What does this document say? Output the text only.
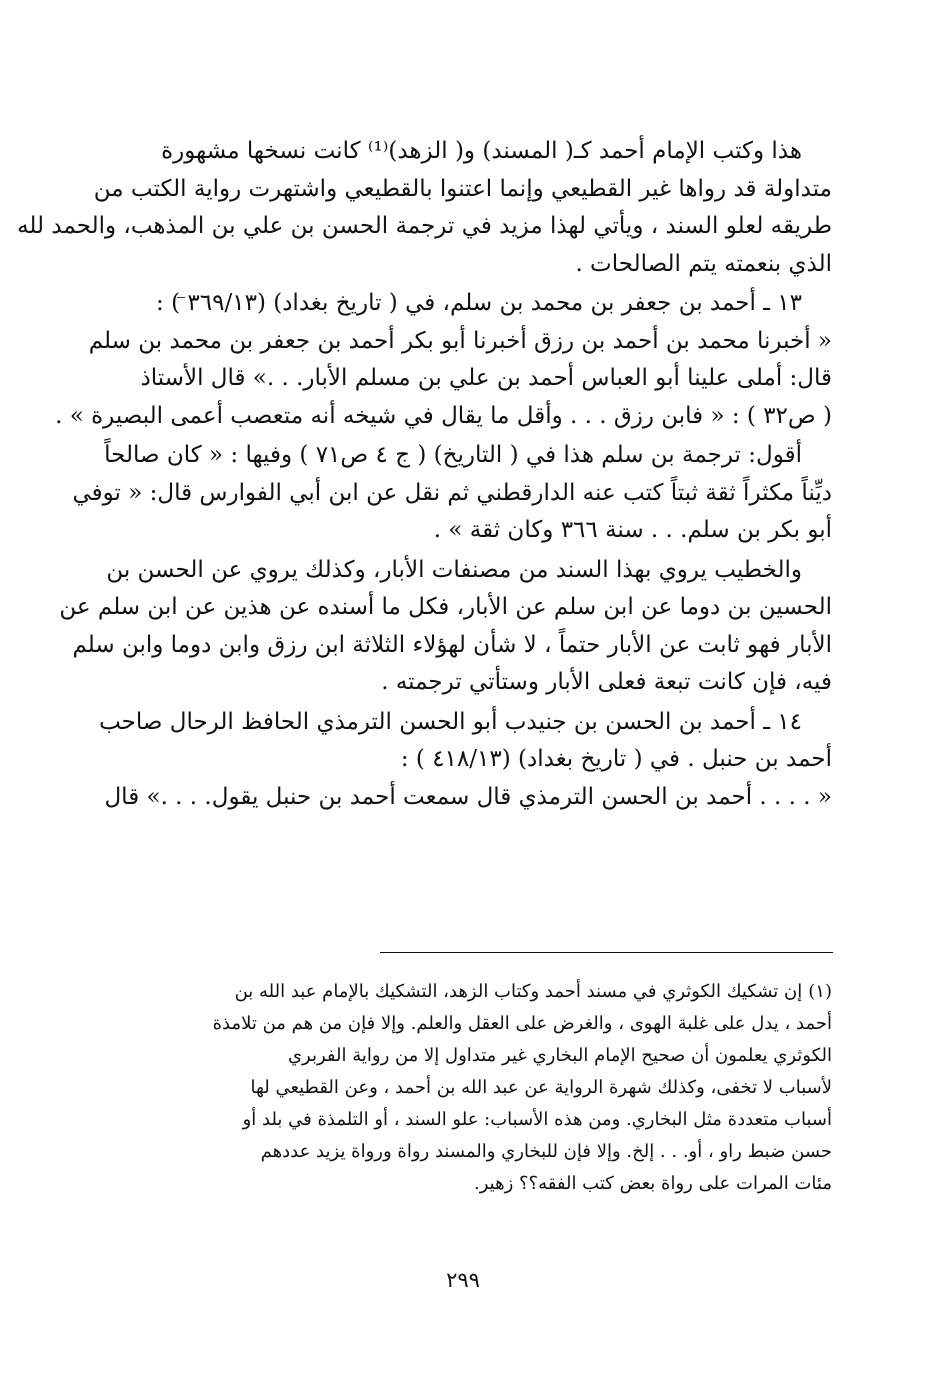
هذا وكتب الإمام أحمد كـ( المسند) و( الزهد)⁽¹⁾ كانت نسخها مشهورة
متداولة قد رواها غير القطيعي وإنما اعتنوا بالقطيعي واشتهرت رواية الكتب من
طريقه لعلو السند ، ويأتي لهذا مزيد في ترجمة الحسن بن علي بن المذهب، والحمد لله
الذي بنعمته يتم الصالحات .

١٣ ـ أحمد بن جعفر بن محمد بن سلم، في ( تاريخ بغداد) (٣٦٩/١٣ ) :
« أخبرنا محمد بن أحمد بن رزق أخبرنا أبو بكر أحمد بن جعفر بن محمد بن سلم
قال: أملى علينا أبو العباس أحمد بن علي بن مسلم الأبار. . .» قال الأستاذ
( ص٣٢ ) : « فابن رزق . . . وأقل ما يقال في شيخه أنه متعصب أعمى البصيرة » .

أقول: ترجمة بن سلم هذا في ( التاريخ) ( ج ٤ ص٧١ ) وفيها : « كان صالحاً
ديِّناً مكثراً ثقة ثبتاً كتب عنه الدارقطني ثم نقل عن ابن أبي الفوارس قال: « توفي
أبو بكر بن سلم. . . سنة ٣٦٦ وكان ثقة » .

والخطيب يروي بهذا السند من مصنفات الأبار، وكذلك يروي عن الحسن بن
الحسين بن دوما عن ابن سلم عن الأبار، فكل ما أسنده عن هذين عن ابن سلم عن
الأبار فهو ثابت عن الأبار حتماً ، لا شأن لهؤلاء الثلاثة ابن رزق وابن دوما وابن سلم
فيه، فإن كانت تبعة فعلى الأبار وستأتي ترجمته .

١٤ ـ أحمد بن الحسن بن جنيدب أبو الحسن الترمذي الحافظ الرحال صاحب
أحمد بن حنبل . في ( تاريخ بغداد) (٤١٨/١٣ ) :
« . . . . أحمد بن الحسن الترمذي قال سمعت أحمد بن حنبل يقول. . . .» قال

(١)إن تشكيك الكوثري في مسند أحمد وكتاب الزهد، التشكيك بالإمام عبد الله بن
أحمد ، يدل على غلبة الهوى ، والغرض على العقل والعلم. وإلا فإن من هم من تلامذة
الكوثري يعلمون أن صحيح الإمام البخاري غير متداول إلا من رواية الفربري
لأسباب لا تخفى، وكذلك شهرة الرواية عن عبد الله بن أحمد ، وعن القطيعي لها
أسباب متعددة مثل البخاري. ومن هذه الأسباب: علو السند ، أو التلمذة في بلد أو
حسن ضبط راو ، أو. . . إلخ. وإلا فإن للبخاري والمسند رواة ورواة يزيد عددهم
مئات المرات على رواة بعض كتب الفقه؟؟ زهير.
٢٩٩
